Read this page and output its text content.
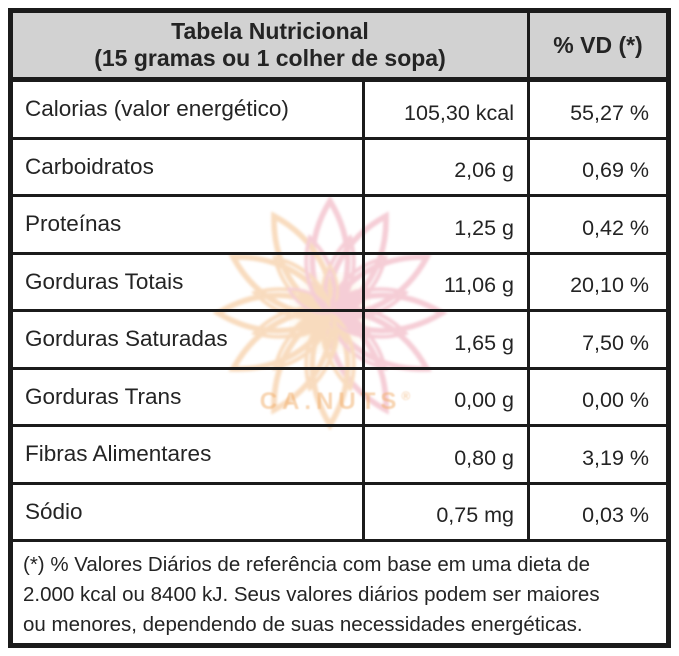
CA.NUTS®
Tabela Nutricional
(15 gramas ou 1 colher de sopa)
% VD (*)
Calorias (valor energético)	105,30 kcal	55,27 %
Carboidratos	2,06 g	0,69 %
Proteínas	1,25 g	0,42 %
Gorduras Totais	11,06 g	20,10 %
Gorduras Saturadas	1,65 g	7,50 %
Gorduras Trans	0,00 g	0,00 %
Fibras Alimentares	0,80 g	3,19 %
Sódio	0,75 mg	0,03 %
(*) % Valores Diários de referência com base em uma dieta de
2.000 kcal ou 8400 kJ. Seus valores diários podem ser maiores
ou menores, dependendo de suas necessidades energéticas.
